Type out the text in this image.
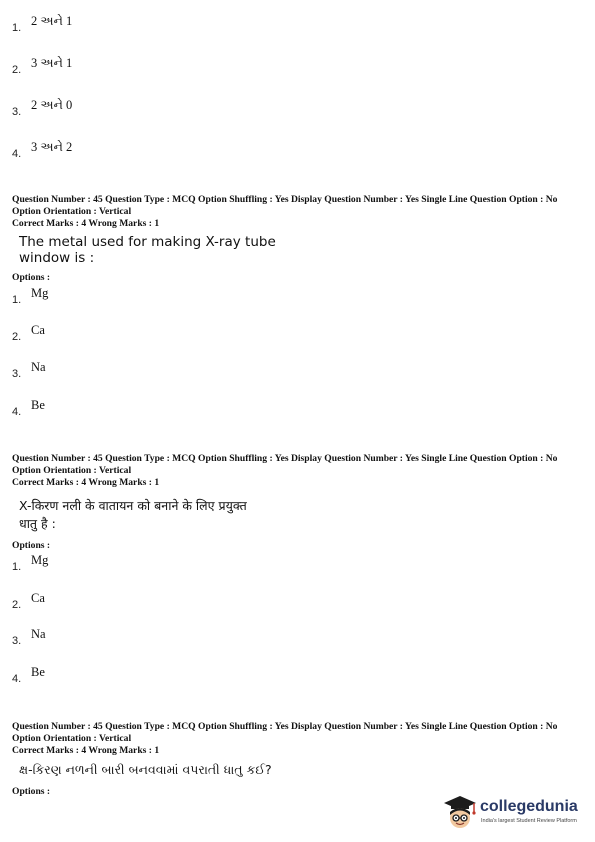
1. 2 અને 1
2. 3 અને 1
3. 2 અને 0
4. 3 અને 2
Question Number : 45 Question Type : MCQ Option Shuffling : Yes Display Question Number : Yes Single Line Question Option : No Option Orientation : Vertical
Correct Marks : 4 Wrong Marks : 1
The metal used for making X-ray tube
window is :
Options :
1. Mg
2. Ca
3. Na
4. Be
Question Number : 45 Question Type : MCQ Option Shuffling : Yes Display Question Number : Yes Single Line Question Option : No Option Orientation : Vertical
Correct Marks : 4 Wrong Marks : 1
X-किरण नली के वातायन को बनाने के लिए प्रयुक्त
धातु है :
Options :
1. Mg
2. Ca
3. Na
4. Be
Question Number : 45 Question Type : MCQ Option Shuffling : Yes Display Question Number : Yes Single Line Question Option : No Option Orientation : Vertical
Correct Marks : 4 Wrong Marks : 1
ક્ષ-કિરણ નળની બારી બનવવામાં વપરાતી ધાતુ કઈ?
Options :
collegedunia
India's largest Student Review Platform
